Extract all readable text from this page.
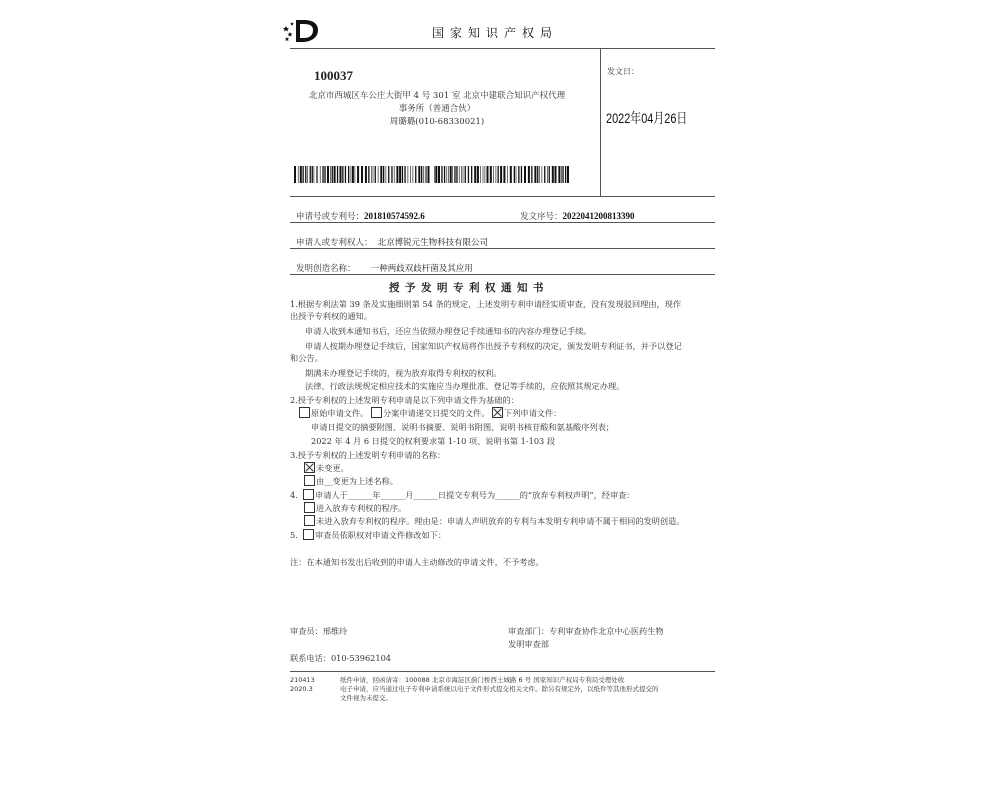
国家知识产权局
100037
北京市西城区车公庄大街甲 4 号 301 室 北京中建联合知识产权代理
事务所（普通合伙）
周璐璐(010-68330021)
发文日：
2022年04月26日
申请号或专利号：201810574592.6	发文序号：2022041200813390
申请人或专利权人： 北京博锐元生物科技有限公司
发明创造名称： 一种两歧双歧杆菌及其应用
授予发明专利权通知书
1.根据专利法第 39 条及实施细则第 54 条的规定，上述发明专利申请经实质审查，没有发现驳回理由，现作
出授予专利权的通知。
申请人收到本通知书后，还应当依照办理登记手续通知书的内容办理登记手续。
申请人按期办理登记手续后，国家知识产权局将作出授予专利权的决定，颁发发明专利证书，并予以登记
和公告。
期满未办理登记手续的，视为放弃取得专利权的权利。
法律、行政法规规定相应技术的实施应当办理批准、登记等手续的，应依照其规定办理。
2.授予专利权的上述发明专利申请是以下列申请文件为基础的：
原始申请文件。 分案申请递交日提交的文件。 下列申请文件：
申请日提交的摘要附图、说明书摘要、说明书附图、说明书核苷酸和氨基酸序列表；
2022 年 4 月 6 日提交的权利要求第 1-10 项、说明书第 1-103 段
3.授予专利权的上述发明专利申请的名称：
未变更。
由__变更为上述名称。
4. 申请人于______年______月______日提交专利号为______的“放弃专利权声明”，经审查：
进入放弃专利权的程序。
未进入放弃专利权的程序。理由是：申请人声明放弃的专利与本发明专利申请不属于相同的发明创造。
5. 审查员依职权对申请文件修改如下：
注：在本通知书发出后收到的申请人主动修改的申请文件，不予考虑。
审查员：邢维玲	审查部门：专利审查协作北京中心医药生物
发明审查部
联系电话：010-53962104
210413
2020.3
纸件申请，回函请寄：100088 北京市海淀区蓟门桥西土城路 6 号 国家知识产权局专利局受理处收
电子申请，应当通过电子专利申请系统以电子文件形式提交相关文件。除另有规定外，以纸件等其他形式提交的
文件视为未提交。
